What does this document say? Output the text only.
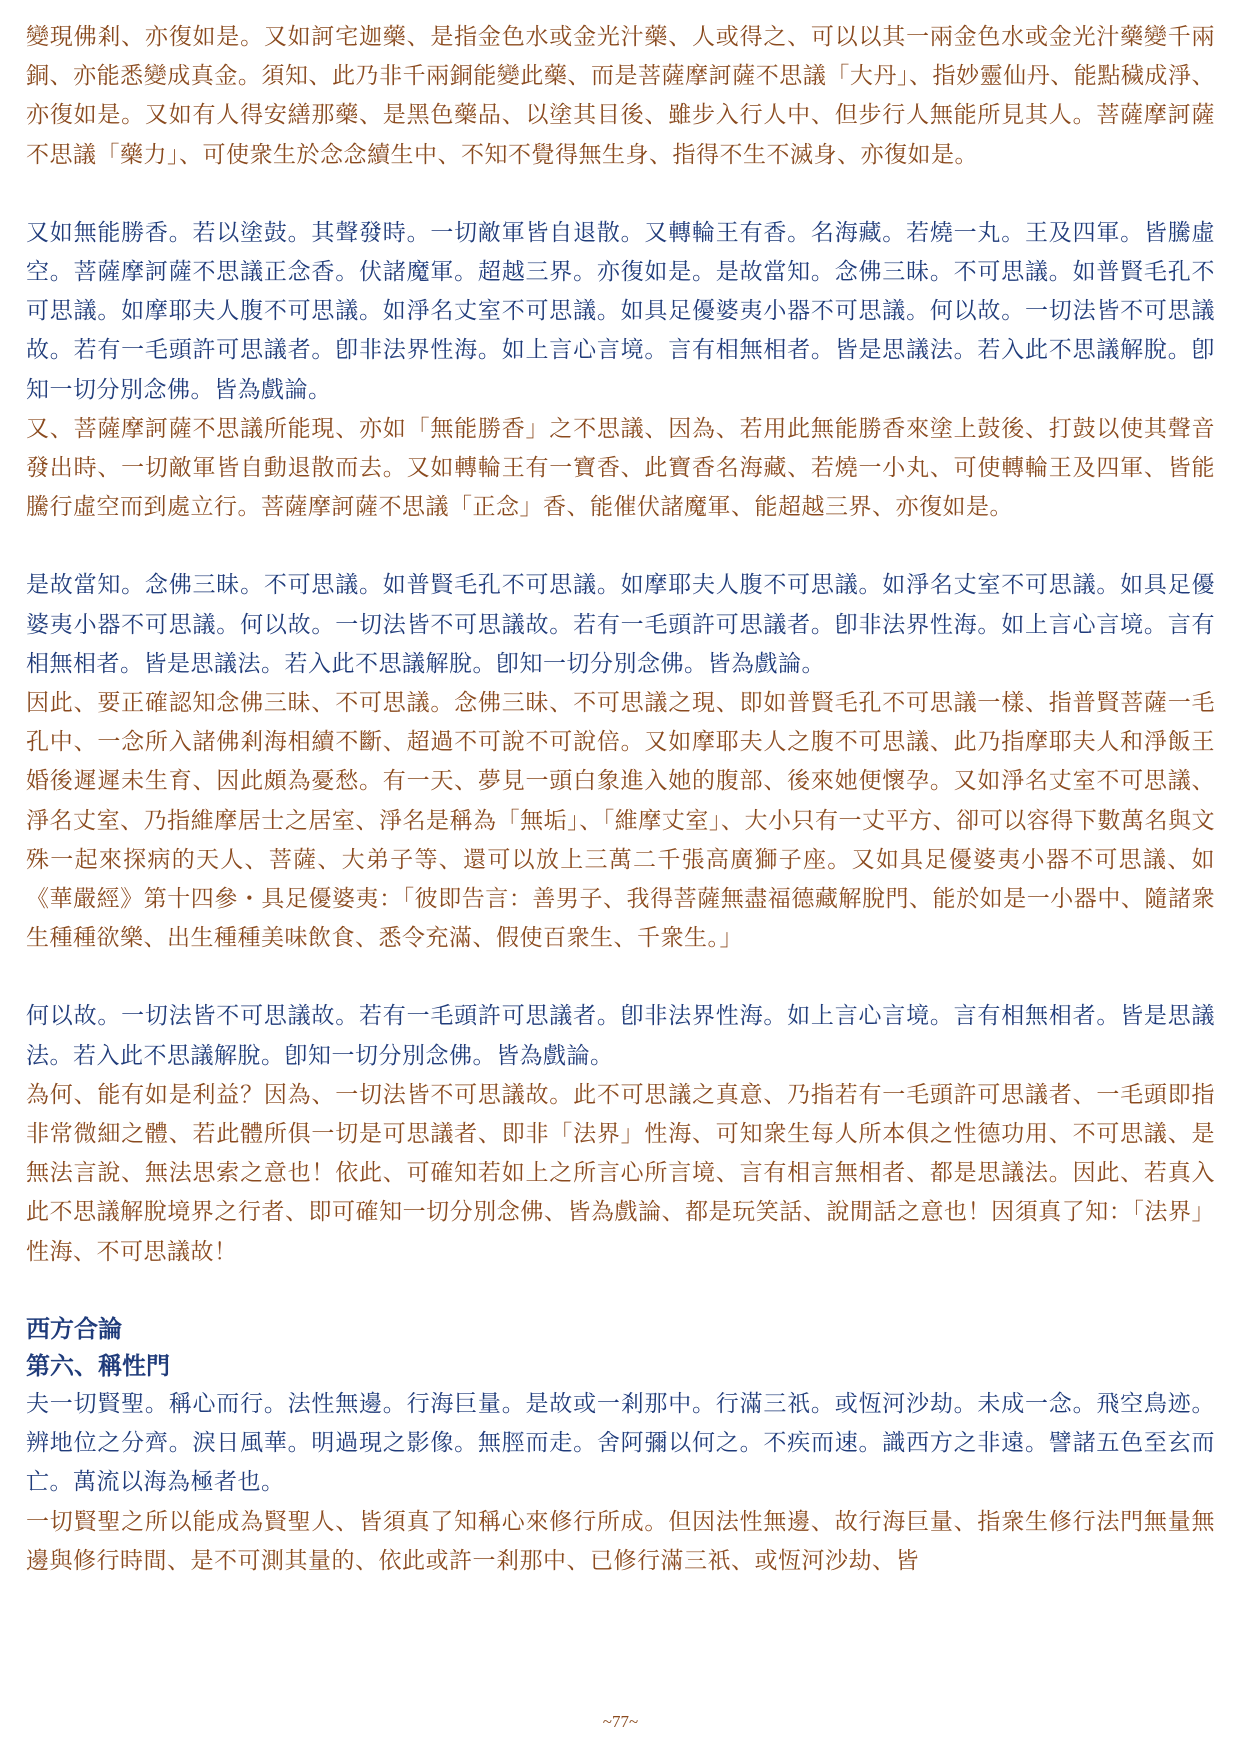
變現佛剎、亦復如是。又如訶宅迦藥、是指金色水或金光汁藥、人或得之、可以以其一兩金色水或金光汁藥變千兩銅、亦能悉變成真金。須知、此乃非千兩銅能變此藥、而是菩薩摩訶薩不思議「大丹」、指妙靈仙丹、能點穢成淨、亦復如是。又如有人得安繕那藥、是黑色藥品、以塗其目後、雖步入行人中、但步行人無能所見其人。菩薩摩訶薩不思議「藥力」、可使衆生於念念續生中、不知不覺得無生身、指得不生不滅身、亦復如是。

又如無能勝香。若以塗鼓。其聲發時。一切敵軍皆自退散。又轉輪王有香。名海藏。若燒一丸。王及四軍。皆騰虛空。菩薩摩訶薩不思議正念香。伏諸魔軍。超越三界。亦復如是。是故當知。念佛三昧。不可思議。如普賢毛孔不可思議。如摩耶夫人腹不可思議。如淨名丈室不可思議。如具足優婆夷小器不可思議。何以故。一切法皆不可思議故。若有一毛頭許可思議者。卽非法界性海。如上言心言境。言有相無相者。皆是思議法。若入此不思議解脫。卽知一切分別念佛。皆為戲論。

又、菩薩摩訶薩不思議所能現、亦如「無能勝香」之不思議、因為、若用此無能勝香來塗上鼓後、打鼓以使其聲音發出時、一切敵軍皆自動退散而去。又如轉輪王有一寶香、此寶香名海藏、若燒一小丸、可使轉輪王及四軍、皆能騰行虛空而到處立行。菩薩摩訶薩不思議「正念」香、能催伏諸魔軍、能超越三界、亦復如是。

是故當知。念佛三昧。不可思議。如普賢毛孔不可思議。如摩耶夫人腹不可思議。如淨名丈室不可思議。如具足優婆夷小器不可思議。何以故。一切法皆不可思議故。若有一毛頭許可思議者。卽非法界性海。如上言心言境。言有相無相者。皆是思議法。若入此不思議解脫。卽知一切分別念佛。皆為戲論。

因此、要正確認知念佛三昧、不可思議。念佛三昧、不可思議之現、即如普賢毛孔不可思議一樣、指普賢菩薩一毛孔中、一念所入諸佛剎海相續不斷、超過不可說不可說倍。又如摩耶夫人之腹不可思議、此乃指摩耶夫人和淨飯王婚後遲遲未生育、因此頗為憂愁。有一天、夢見一頭白象進入她的腹部、後來她便懷孕。又如淨名丈室不可思議、淨名丈室、乃指維摩居士之居室、淨名是稱為「無垢」、「維摩丈室」、大小只有一丈平方、卻可以容得下數萬名與文殊一起來探病的天人、菩薩、大弟子等、還可以放上三萬二千張高廣獅子座。又如具足優婆夷小器不可思議、如《華嚴經》第十四參・具足優婆夷：「彼即告言：善男子、我得菩薩無盡福德藏解脫門、能於如是一小器中、隨諸衆生種種欲樂、出生種種美味飲食、悉令充滿、假使百衆生、千衆生。」

何以故。一切法皆不可思議故。若有一毛頭許可思議者。卽非法界性海。如上言心言境。言有相無相者。皆是思議法。若入此不思議解脫。卽知一切分別念佛。皆為戲論。

為何、能有如是利益？因為、一切法皆不可思議故。此不可思議之真意、乃指若有一毛頭許可思議者、一毛頭即指非常微細之體、若此體所俱一切是可思議者、即非「法界」性海、可知衆生每人所本俱之性德功用、不可思議、是無法言說、無法思索之意也！依此、可確知若如上之所言心所言境、言有相言無相者、都是思議法。因此、若真入此不思議解脫境界之行者、即可確知一切分別念佛、皆為戲論、都是玩笑話、說閒話之意也！因須真了知：「法界」性海、不可思議故！

西方合論

第六、稱性門

夫一切賢聖。稱心而行。法性無邊。行海巨量。是故或一剎那中。行滿三祇。或恆河沙劫。未成一念。飛空鳥迹。辨地位之分齊。淚日風華。明過現之影像。無脛而走。舍阿彌以何之。不疾而速。識西方之非遠。譬諸五色至玄而亡。萬流以海為極者也。

一切賢聖之所以能成為賢聖人、皆須真了知稱心來修行所成。但因法性無邊、故行海巨量、指衆生修行法門無量無邊與修行時間、是不可測其量的、依此或許一剎那中、已修行滿三祇、或恆河沙劫、皆

~77~
